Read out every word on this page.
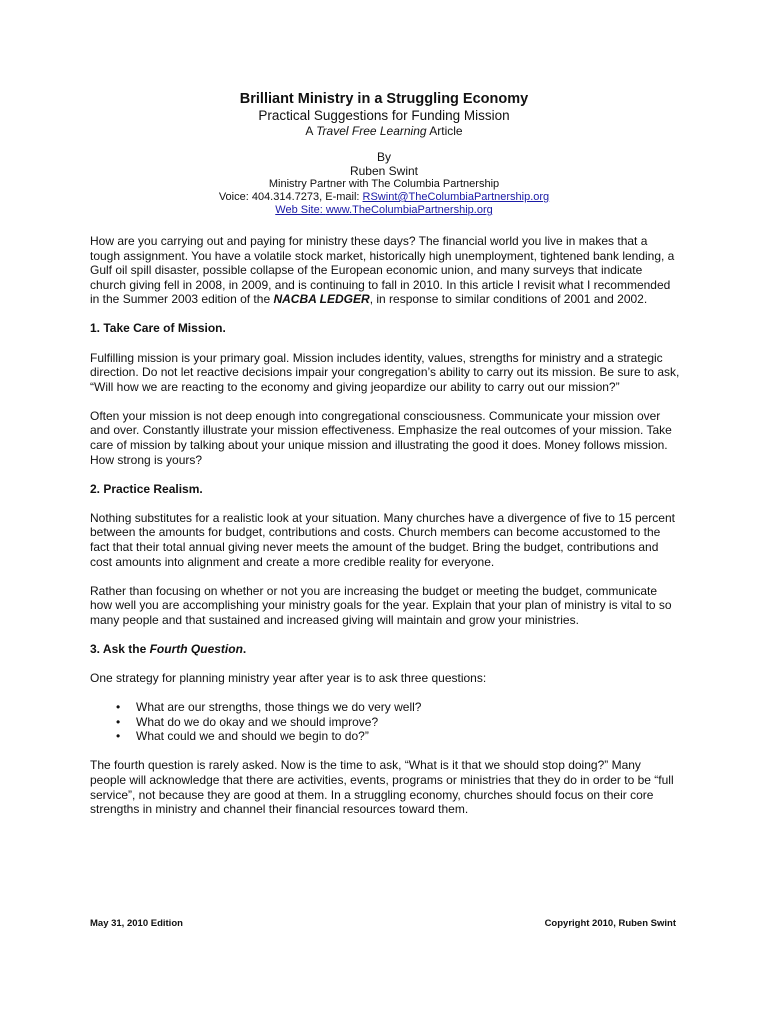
Brilliant Ministry in a Struggling Economy
Practical Suggestions for Funding Mission
A Travel Free Learning Article
By
Ruben Swint
Ministry Partner with The Columbia Partnership
Voice: 404.314.7273, E-mail: RSwint@TheColumbiaPartnership.org
Web Site: www.TheColumbiaPartnership.org

How are you carrying out and paying for ministry these days? The financial world you live in makes that a tough assignment. You have a volatile stock market, historically high unemployment, tightened bank lending, a Gulf oil spill disaster, possible collapse of the European economic union, and many surveys that indicate church giving fell in 2008, in 2009, and is continuing to fall in 2010. In this article I revisit what I recommended in the Summer 2003 edition of the NACBA LEDGER, in response to similar conditions of 2001 and 2002.

1. Take Care of Mission.

Fulfilling mission is your primary goal. Mission includes identity, values, strengths for ministry and a strategic direction. Do not let reactive decisions impair your congregation’s ability to carry out its mission. Be sure to ask, “Will how we are reacting to the economy and giving jeopardize our ability to carry out our mission?”

Often your mission is not deep enough into congregational consciousness. Communicate your mission over and over. Constantly illustrate your mission effectiveness. Emphasize the real outcomes of your mission. Take care of mission by talking about your unique mission and illustrating the good it does. Money follows mission. How strong is yours?

2. Practice Realism.

Nothing substitutes for a realistic look at your situation. Many churches have a divergence of five to 15 percent between the amounts for budget, contributions and costs. Church members can become accustomed to the fact that their total annual giving never meets the amount of the budget. Bring the budget, contributions and cost amounts into alignment and create a more credible reality for everyone.

Rather than focusing on whether or not you are increasing the budget or meeting the budget, communicate how well you are accomplishing your ministry goals for the year. Explain that your plan of ministry is vital to so many people and that sustained and increased giving will maintain and grow your ministries.

3. Ask the Fourth Question.

One strategy for planning ministry year after year is to ask three questions:

• What are our strengths, those things we do very well?
• What do we do okay and we should improve?
• What could we and should we begin to do?”

The fourth question is rarely asked. Now is the time to ask, “What is it that we should stop doing?” Many people will acknowledge that there are activities, events, programs or ministries that they do in order to be “full service”, not because they are good at them. In a struggling economy, churches should focus on their core strengths in ministry and channel their financial resources toward them.

May 31, 2010 Edition	Copyright 2010, Ruben Swint
